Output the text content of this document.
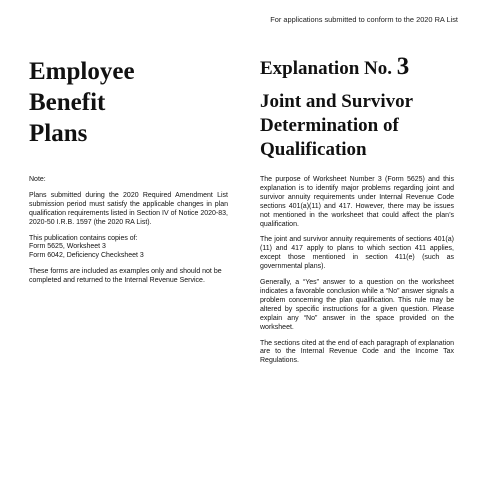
For applications submitted to conform to the 2020 RA List
Employee
Benefit
Plans
Explanation No. 3
Joint and Survivor
Determination of
Qualification

Note:

Plans submitted during the 2020 Required Amendment List submission period must satisfy the applicable changes in plan qualification requirements listed in Section IV of Notice 2020-83, 2020-50 I.R.B. 1597 (the 2020 RA List).

This publication contains copies of:
Form 5625, Worksheet 3
Form 6042, Deficiency Checksheet 3

These forms are included as examples only and should not be completed and returned to the Internal Revenue Service.

The purpose of Worksheet Number 3 (Form 5625) and this explanation is to identify major problems regarding joint and survivor annuity requirements under Internal Revenue Code sections 401(a)(11) and 417. However, there may be issues not mentioned in the worksheet that could affect the plan’s qualification.

The joint and survivor annuity requirements of sections 401(a)(11) and 417 apply to plans to which section 411 applies, except those mentioned in section 411(e) (such as governmental plans).

Generally, a “Yes” answer to a question on the worksheet indicates a favorable conclusion while a “No” answer signals a problem concerning the plan qualification. This rule may be altered by specific instructions for a given question. Please explain any “No” answer in the space provided on the worksheet.

The sections cited at the end of each paragraph of explanation are to the Internal Revenue Code and the Income Tax Regulations.
